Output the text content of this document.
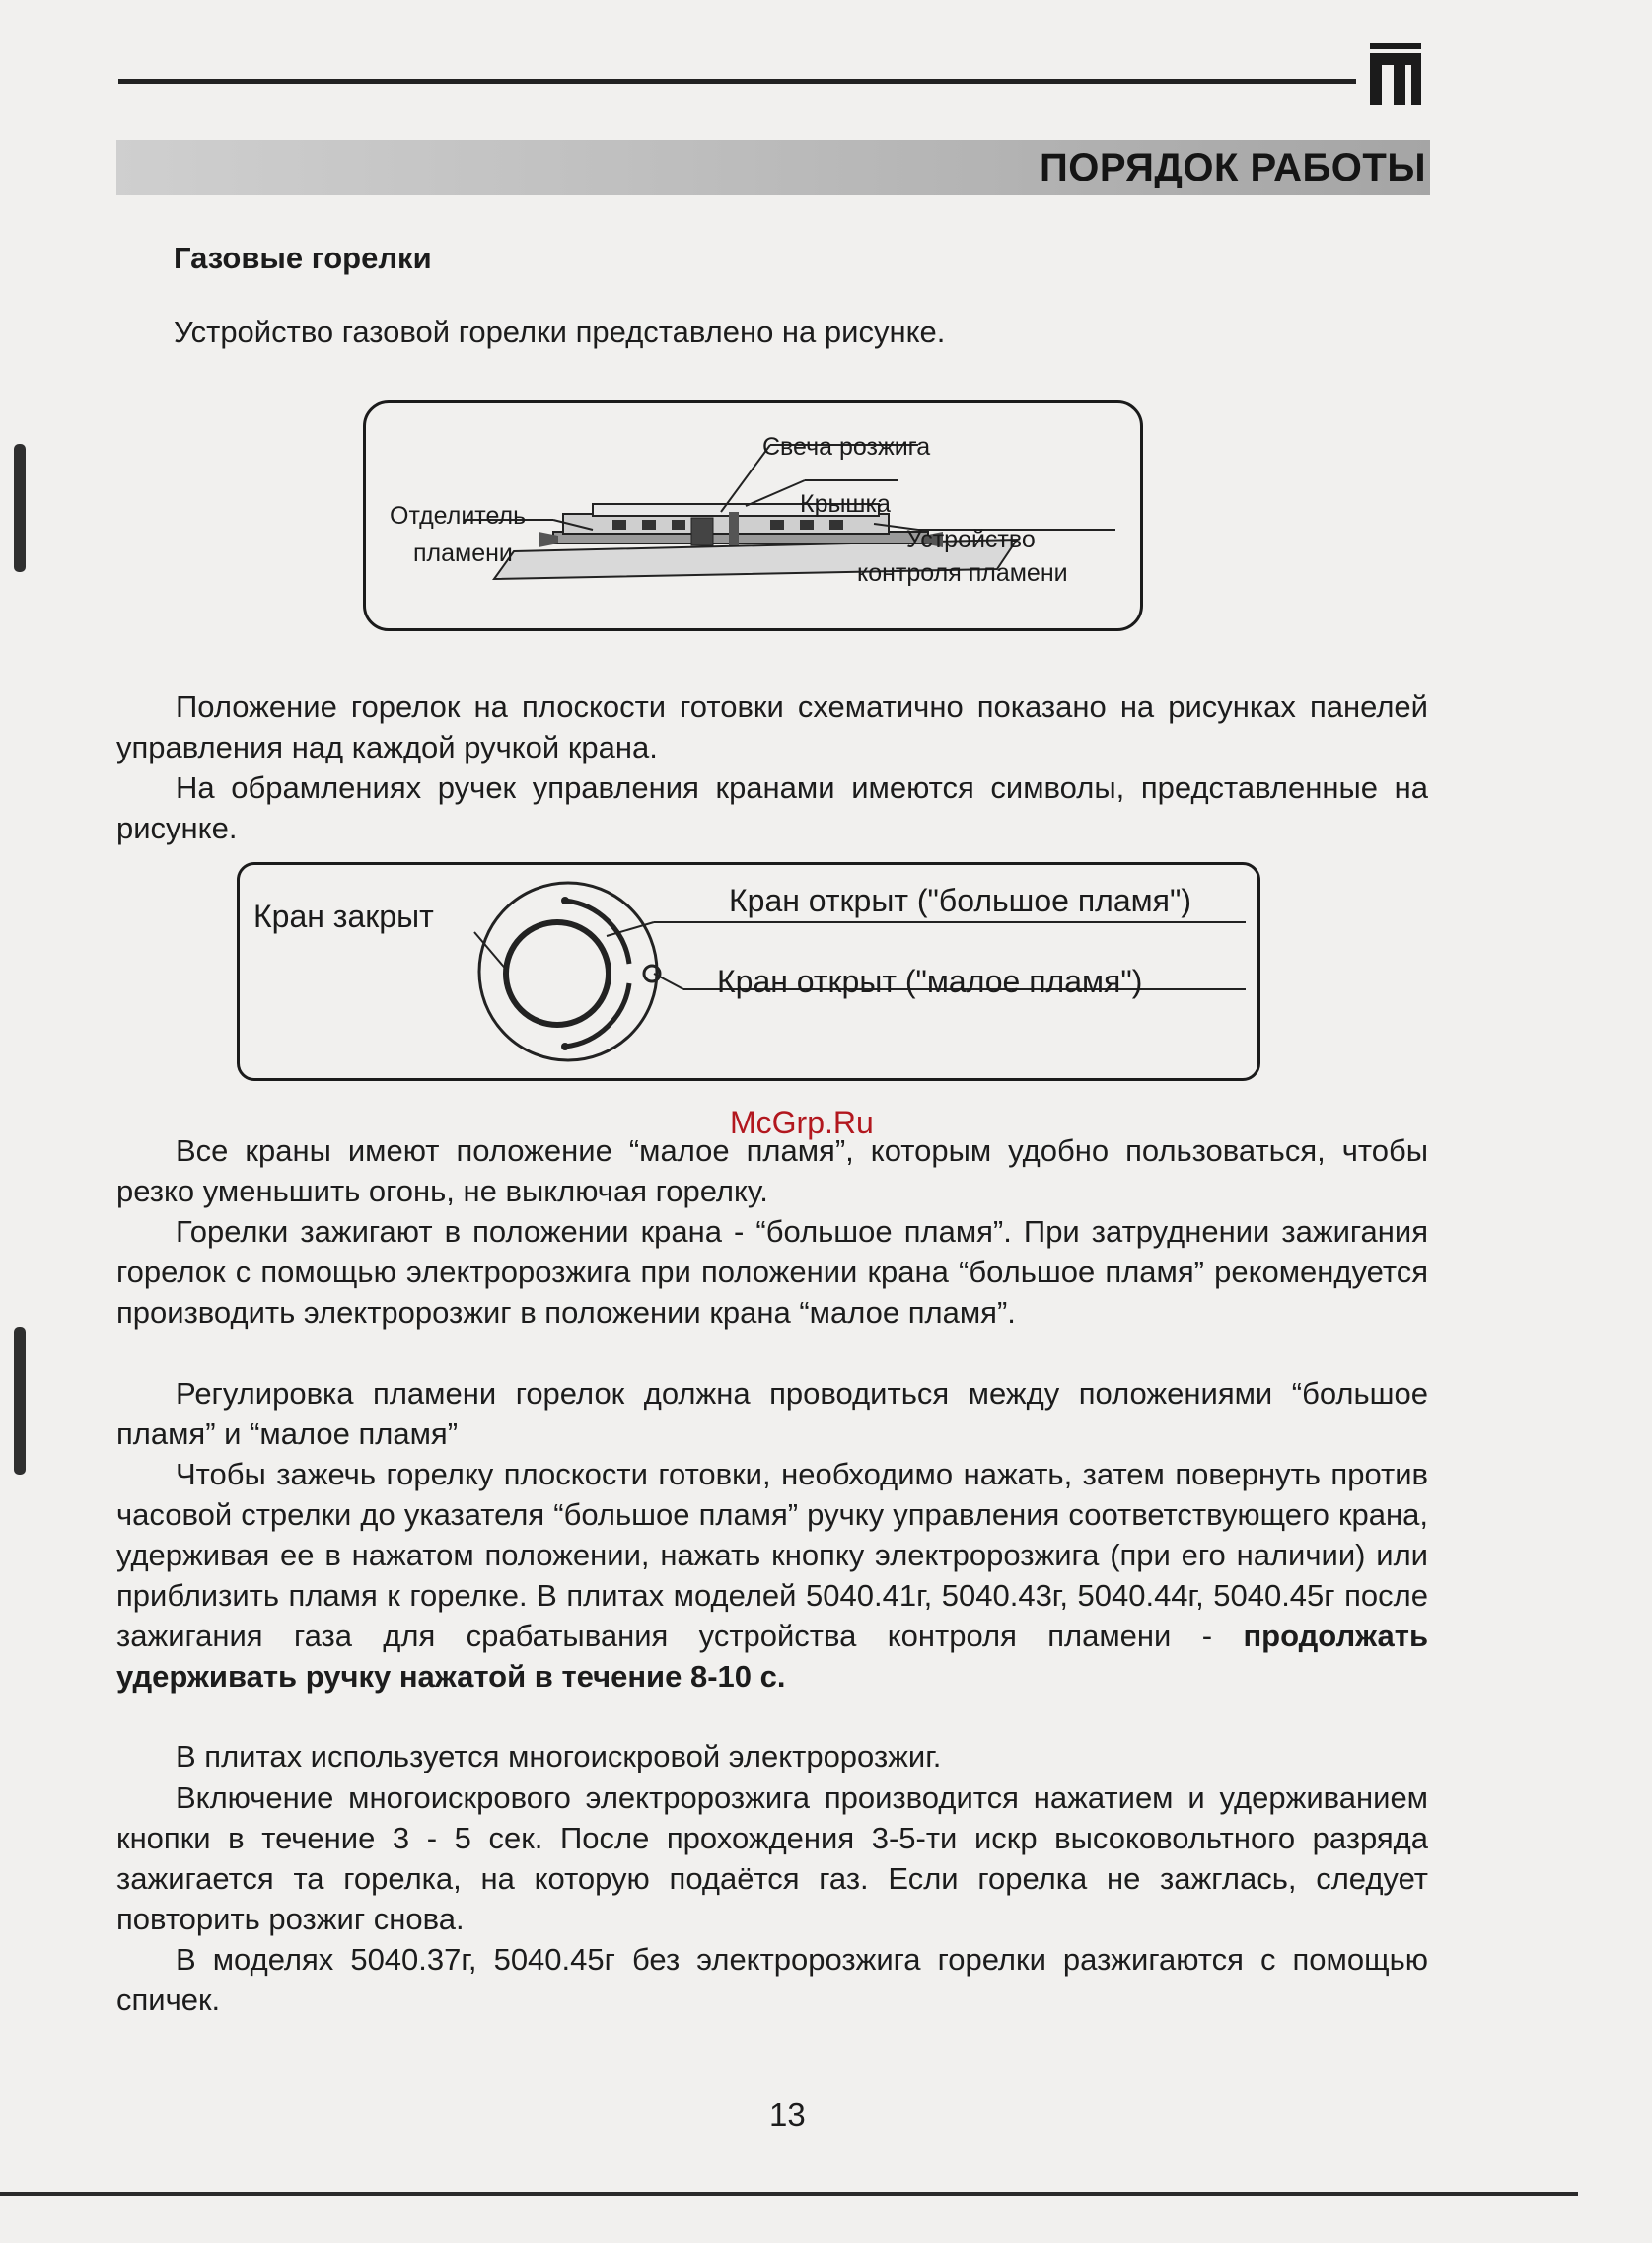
ПОРЯДОК РАБОТЫ
Газовые горелки

Устройство газовой горелки представлено на рисунке.

Свеча розжига
Крышка
Отделитель
пламени	Устройство
контроля пламени

Положение горелок на плоскости готовки схематично показано на рисунках панелей управления над каждой ручкой крана.

На обрамлениях ручек управления кранами имеются символы, представленные на рисунке.

Кран закрыт	Кран открыт ("большое пламя")
Кран открыт ("малое пламя")
McGrp.Ru

Все краны имеют положение “малое пламя”, которым удобно пользоваться, чтобы резко уменьшить огонь, не выключая горелку.

Горелки зажигают в положении крана - “большое пламя”. При затруднении зажигания горелок с помощью электророзжига при положении крана “большое пламя” рекомендуется производить электророзжиг в положении крана “малое пламя”.

Регулировка пламени горелок должна проводиться между положениями “большое пламя” и “малое пламя”

Чтобы зажечь горелку плоскости готовки, необходимо нажать, затем повернуть против часовой стрелки до указателя “большое пламя” ручку управления соответствующего крана, удерживая ее в нажатом положении, нажать кнопку электророзжига (при его наличии) или приблизить пламя к горелке. В плитах моделей 5040.41г, 5040.43г, 5040.44г, 5040.45г после зажигания газа для срабатывания устройства контроля пламени - продолжать удерживать ручку нажатой в течение 8-10 с.

В плитах используется многоискровой электророзжиг.

Включение многоискрового электророзжига производится нажатием и удерживанием кнопки в течение 3 - 5 сек. После прохождения 3-5-ти искр высоковольтного разряда зажигается та горелка, на которую подаётся газ. Если горелка не зажглась, следует повторить розжиг снова.

В моделях 5040.37г, 5040.45г без электророзжига горелки разжигаются с помощью спичек.

13
